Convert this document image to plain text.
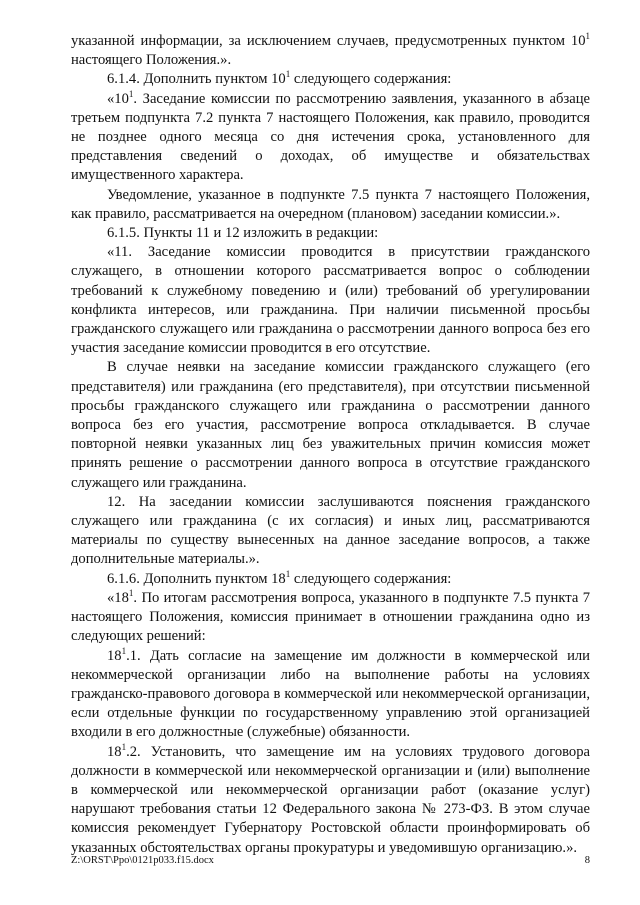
указанной информации, за исключением случаев, предусмотренных пунктом $10^1$ настоящего Положения.».

6.1.4. Дополнить пунктом $10^1$ следующего содержания:

«$10^1$. Заседание комиссии по рассмотрению заявления, указанного в абзаце третьем подпункта 7.2 пункта 7 настоящего Положения, как правило, проводится не позднее одного месяца со дня истечения срока, установленного для представления сведений о доходах, об имуществе и обязательствах имущественного характера.

Уведомление, указанное в подпункте 7.5 пункта 7 настоящего Положения, как правило, рассматривается на очередном (плановом) заседании комиссии.».

6.1.5. Пункты 11 и 12 изложить в редакции:

«11. Заседание комиссии проводится в присутствии гражданского служащего, в отношении которого рассматривается вопрос о соблюдении требований к служебному поведению и (или) требований об урегулировании конфликта интересов, или гражданина. При наличии письменной просьбы гражданского служащего или гражданина о рассмотрении данного вопроса без его участия заседание комиссии проводится в его отсутствие.

В случае неявки на заседание комиссии гражданского служащего (его представителя) или гражданина (его представителя), при отсутствии письменной просьбы гражданского служащего или гражданина о рассмотрении данного вопроса без его участия, рассмотрение вопроса откладывается. В случае повторной неявки указанных лиц без уважительных причин комиссия может принять решение о рассмотрении данного вопроса в отсутствие гражданского служащего или гражданина.

12. На заседании комиссии заслушиваются пояснения гражданского служащего или гражданина (с их согласия) и иных лиц, рассматриваются материалы по существу вынесенных на данное заседание вопросов, а также дополнительные материалы.».

6.1.6. Дополнить пунктом $18^1$ следующего содержания:

«$18^1$. По итогам рассмотрения вопроса, указанного в подпункте 7.5 пункта 7 настоящего Положения, комиссия принимает в отношении гражданина одно из следующих решений:

$18^1.1$. Дать согласие на замещение им должности в коммерческой или некоммерческой организации либо на выполнение работы на условиях гражданско-правового договора в коммерческой или некоммерческой организации, если отдельные функции по государственному управлению этой организацией входили в его должностные (служебные) обязанности.

$18^1.2$. Установить, что замещение им на условиях трудового договора должности в коммерческой или некоммерческой организации и (или) выполнение в коммерческой или некоммерческой организации работ (оказание услуг) нарушают требования статьи 12 Федерального закона № 273-ФЗ. В этом случае комиссия рекомендует Губернатору Ростовской области проинформировать об указанных обстоятельствах органы прокуратуры и уведомившую организацию.».

Z:\ORST\Ppo\0121p033.f15.docx	8
